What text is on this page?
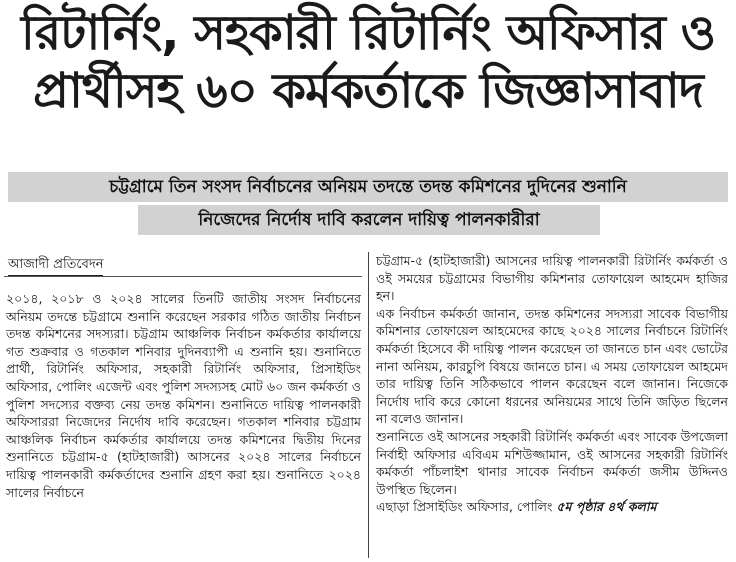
রিটার্নিং, সহকারী রিটার্নিং অফিসার ও
প্রার্থীসহ ৬০ কর্মকর্তাকে জিজ্ঞাসাবাদ
চট্টগ্রামে তিন সংসদ নির্বাচনের অনিয়ম তদন্তে তদন্ত কমিশনের দুদিনের শুনানি
নিজেদের নির্দোষ দাবি করলেন দায়িত্ব পালনকারীরা
আজাদী প্রতিবেদন

২০১৪, ২০১৮ ও ২০২৪ সালের তিনটি জাতীয় সংসদ নির্বাচনের অনিয়ম তদন্তে চট্টগ্রামে শুনানি করেছেন সরকার গঠিত জাতীয় নির্বাচন তদন্ত কমিশনের সদস্যরা। চট্টগ্রাম আঞ্চলিক নির্বাচন কর্মকর্তার কার্যালয়ে গত শুক্রবার ও গতকাল শনিবার দুদিনব্যাপী এ শুনানি হয়। শুনানিতে প্রার্থী, রিটার্নিং অফিসার, সহকারী রিটার্নিং অফিসার, প্রিসাইডিং অফিসার, পোলিং এজেন্ট এবং পুলিশ সদস্যসহ মোট ৬০ জন কর্মকর্তা ও পুলিশ সদস্যের বক্তব্য নেয় তদন্ত কমিশন। শুনানিতে দায়িত্ব পালনকারী অফিসাররা নিজেদের নির্দোষ দাবি করেছেন। গতকাল শনিবার চট্টগ্রাম আঞ্চলিক নির্বাচন কর্মকর্তার কার্যালয়ে তদন্ত কমিশনের দ্বিতীয় দিনের শুনানিতে চট্টগ্রাম-৫ (হাটহাজারী) আসনের ২০২৪ সালের নির্বাচনে দায়িত্ব পালনকারী কর্মকর্তাদের শুনানি গ্রহণ করা হয়। শুনানিতে ২০২৪ সালের নির্বাচনে

চট্টগ্রাম-৫ (হাটহাজারী) আসনের দায়িত্ব পালনকারী রিটার্নিং কর্মকর্তা ও ওই সময়ের চট্টগ্রামের বিভাগীয় কমিশনার তোফায়েল আহমেদ হাজির হন।

এক নির্বাচন কর্মকর্তা জানান, তদন্ত কমিশনের সদস্যরা সাবেক বিভাগীয় কমিশনার তোফায়েল আহমেদের কাছে ২০২৪ সালের নির্বাচনে রিটার্নিং কর্মকর্তা হিসেবে কী দায়িত্ব পালন করেছেন তা জানতে চান এবং ভোটের নানা অনিয়ম, কারচুপি বিষয়ে জানতে চান। এ সময় তোফায়েল আহমেদ তার দায়িত্ব তিনি সঠিকভাবে পালন করেছেন বলে জানান। নিজেকে নির্দোষ দাবি করে কোনো ধরনের অনিয়মের সাথে তিনি জড়িত ছিলেন না বলেও জানান।

শুনানিতে ওই আসনের সহকারী রিটার্নিং কর্মকর্তা এবং সাবেক উপজেলা নির্বাহী অফিসার এবিএম মশিউজ্জামান, ওই আসনের সহকারী রিটার্নিং কর্মকর্তা পাঁচলাইশ থানার সাবেক নির্বাচন কর্মকর্তা জসীম উদ্দিনও উপস্থিত ছিলেন।

এছাড়া প্রিসাইডিং অফিসার, পোলিং ৫ম পৃষ্ঠার ৪র্থ কলাম
